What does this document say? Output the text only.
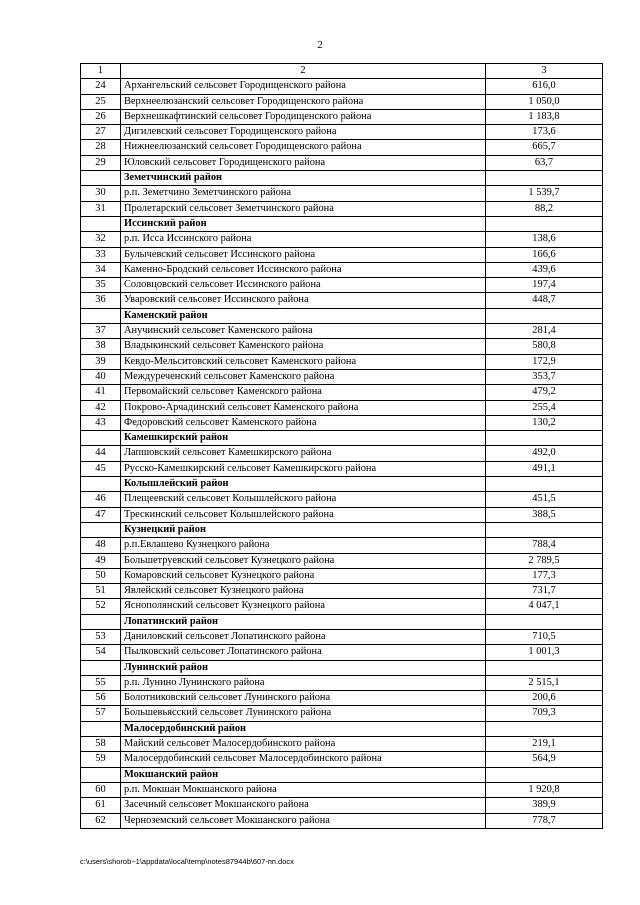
2
1	2	3
24	Архангельский сельсовет Городищенского района	616,0
25	Верхнеелюзанский сельсовет Городищенского района	1 050,0
26	Верхнешкафтинский сельсовет Городищенского района	1 183,8
27	Дигилевский сельсовет Городищенского района	173,6
28	Нижнеелюзанский сельсовет Городищенского района	665,7
29	Юловский сельсовет Городищенского района	63,7
	Земетчинский район	
30	р.п. Земетчино Земетчинского района	1 539,7
31	Пролетарский сельсовет Земетчинского района	88,2
	Иссинский район	
32	р.п. Исса Иссинского района	138,6
33	Булычевский сельсовет Иссинского района	166,6
34	Каменно-Бродский сельсовет Иссинского района	439,6
35	Соловцовский сельсовет Иссинского района	197,4
36	Уваровский сельсовет Иссинского района	448,7
	Каменский район	
37	Анучинский сельсовет Каменского района	281,4
38	Владыкинский сельсовет Каменского района	580,8
39	Кевдо-Мельситовский сельсовет Каменского района	172,9
40	Междуреченский сельсовет Каменского района	353,7
41	Первомайский сельсовет Каменского района	479,2
42	Покрово-Арчадинский сельсовет Каменского района	255,4
43	Федоровский сельсовет Каменского района	130,2
	Камешкирский район	
44	Лапшовский сельсовет Камешкирского района	492,0
45	Русско-Камешкирский сельсовет Камешкирского района	491,1
	Колышлейский район	
46	Плещеевский сельсовет Колышлейского района	451,5
47	Трескинский сельсовет Колышлейского района	388,5
	Кузнецкий район	
48	р.п.Евлашево Кузнецкого района	788,4
49	Большетруевский сельсовет Кузнецкого района	2 789,5
50	Комаровский сельсовет Кузнецкого района	177,3
51	Явлейский сельсовет Кузнецкого района	731,7
52	Яснополянский сельсовет Кузнецкого района	4 047,1
	Лопатинский район	
53	Даниловский сельсовет Лопатинского района	710,5
54	Пылковский сельсовет Лопатинского района	1 001,3
	Лунинский район	
55	р.п. Лунино Лунинского района	2 515,1
56	Болотниковский сельсовет Лунинского района	200,6
57	Большевьясский сельсовет Лунинского района	709,3
	Малосердобинский район	
58	Майский сельсовет Малосердобинского района	219,1
59	Малосердобинский сельсовет Малосердобинского района	564,9
	Мокшанский район	
60	р.п. Мокшан Мокшанского района	1 920,8
61	Засечный сельсовет Мокшанского района	389,9
62	Черноземский сельсовет Мокшанского района	778,7
c:\users\shorob~1\appdata\local\temp\notes87944b\607-пп.docx
